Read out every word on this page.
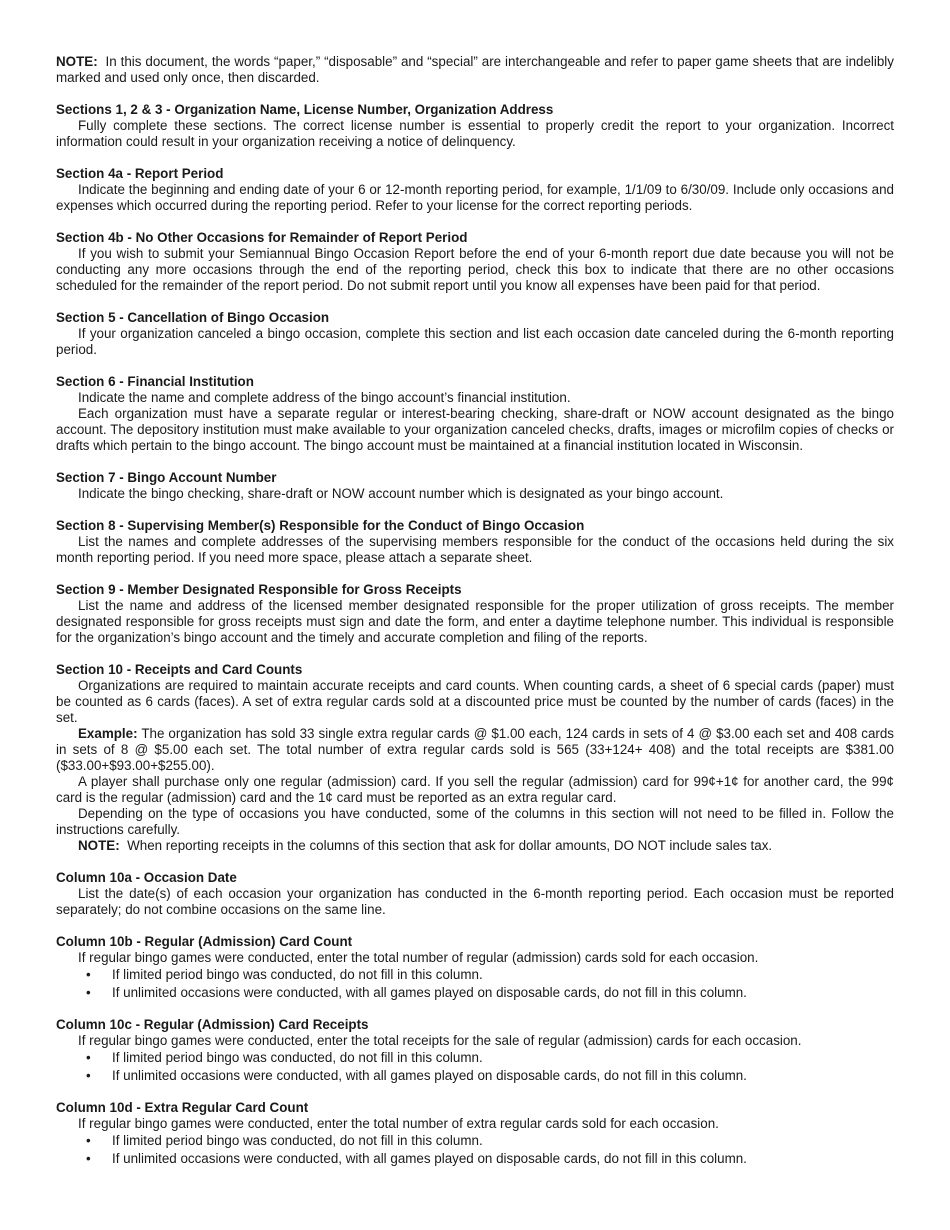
NOTE: In this document, the words “paper,” “disposable” and “special” are interchangeable and refer to paper game sheets that are indelibly marked and used only once, then discarded.

Sections 1, 2 & 3 - Organization Name, License Number, Organization Address

Fully complete these sections. The correct license number is essential to properly credit the report to your organization. Incorrect information could result in your organization receiving a notice of delinquency.

Section 4a - Report Period

Indicate the beginning and ending date of your 6 or 12-month reporting period, for example, 1/1/09 to 6/30/09. Include only occasions and expenses which occurred during the reporting period. Refer to your license for the correct reporting periods.

Section 4b - No Other Occasions for Remainder of Report Period

If you wish to submit your Semiannual Bingo Occasion Report before the end of your 6-month report due date because you will not be conducting any more occasions through the end of the reporting period, check this box to indicate that there are no other occasions scheduled for the remainder of the report period. Do not submit report until you know all expenses have been paid for that period.

Section 5 - Cancellation of Bingo Occasion

If your organization canceled a bingo occasion, complete this section and list each occasion date canceled during the 6-month reporting period.

Section 6 - Financial Institution

Indicate the name and complete address of the bingo account’s financial institution.

Each organization must have a separate regular or interest-bearing checking, share-draft or NOW account designated as the bingo account. The depository institution must make available to your organization canceled checks, drafts, images or microfilm copies of checks or drafts which pertain to the bingo account. The bingo account must be maintained at a financial institution located in Wisconsin.

Section 7 - Bingo Account Number

Indicate the bingo checking, share-draft or NOW account number which is designated as your bingo account.

Section 8 - Supervising Member(s) Responsible for the Conduct of Bingo Occasion

List the names and complete addresses of the supervising members responsible for the conduct of the occasions held during the six month reporting period. If you need more space, please attach a separate sheet.

Section 9 - Member Designated Responsible for Gross Receipts

List the name and address of the licensed member designated responsible for the proper utilization of gross receipts. The member designated responsible for gross receipts must sign and date the form, and enter a daytime telephone number. This individual is responsible for the organization’s bingo account and the timely and accurate completion and filing of the reports.

Section 10 - Receipts and Card Counts

Organizations are required to maintain accurate receipts and card counts. When counting cards, a sheet of 6 special cards (paper) must be counted as 6 cards (faces). A set of extra regular cards sold at a discounted price must be counted by the number of cards (faces) in the set.

Example: The organization has sold 33 single extra regular cards @ $1.00 each, 124 cards in sets of 4 @ $3.00 each set and 408 cards in sets of 8 @ $5.00 each set. The total number of extra regular cards sold is 565 (33+124+ 408) and the total receipts are $381.00 ($33.00+$93.00+$255.00).

A player shall purchase only one regular (admission) card. If you sell the regular (admission) card for 99¢+1¢ for another card, the 99¢ card is the regular (admission) card and the 1¢ card must be reported as an extra regular card.

Depending on the type of occasions you have conducted, some of the columns in this section will not need to be filled in. Follow the instructions carefully.

NOTE: When reporting receipts in the columns of this section that ask for dollar amounts, DO NOT include sales tax.

Column 10a - Occasion Date

List the date(s) of each occasion your organization has conducted in the 6-month reporting period. Each occasion must be reported separately; do not combine occasions on the same line.

Column 10b - Regular (Admission) Card Count

If regular bingo games were conducted, enter the total number of regular (admission) cards sold for each occasion.

• If limited period bingo was conducted, do not fill in this column.
• If unlimited occasions were conducted, with all games played on disposable cards, do not fill in this column.

Column 10c - Regular (Admission) Card Receipts

If regular bingo games were conducted, enter the total receipts for the sale of regular (admission) cards for each occasion.

• If limited period bingo was conducted, do not fill in this column.
• If unlimited occasions were conducted, with all games played on disposable cards, do not fill in this column.

Column 10d - Extra Regular Card Count

If regular bingo games were conducted, enter the total number of extra regular cards sold for each occasion.

• If limited period bingo was conducted, do not fill in this column.
• If unlimited occasions were conducted, with all games played on disposable cards, do not fill in this column.
